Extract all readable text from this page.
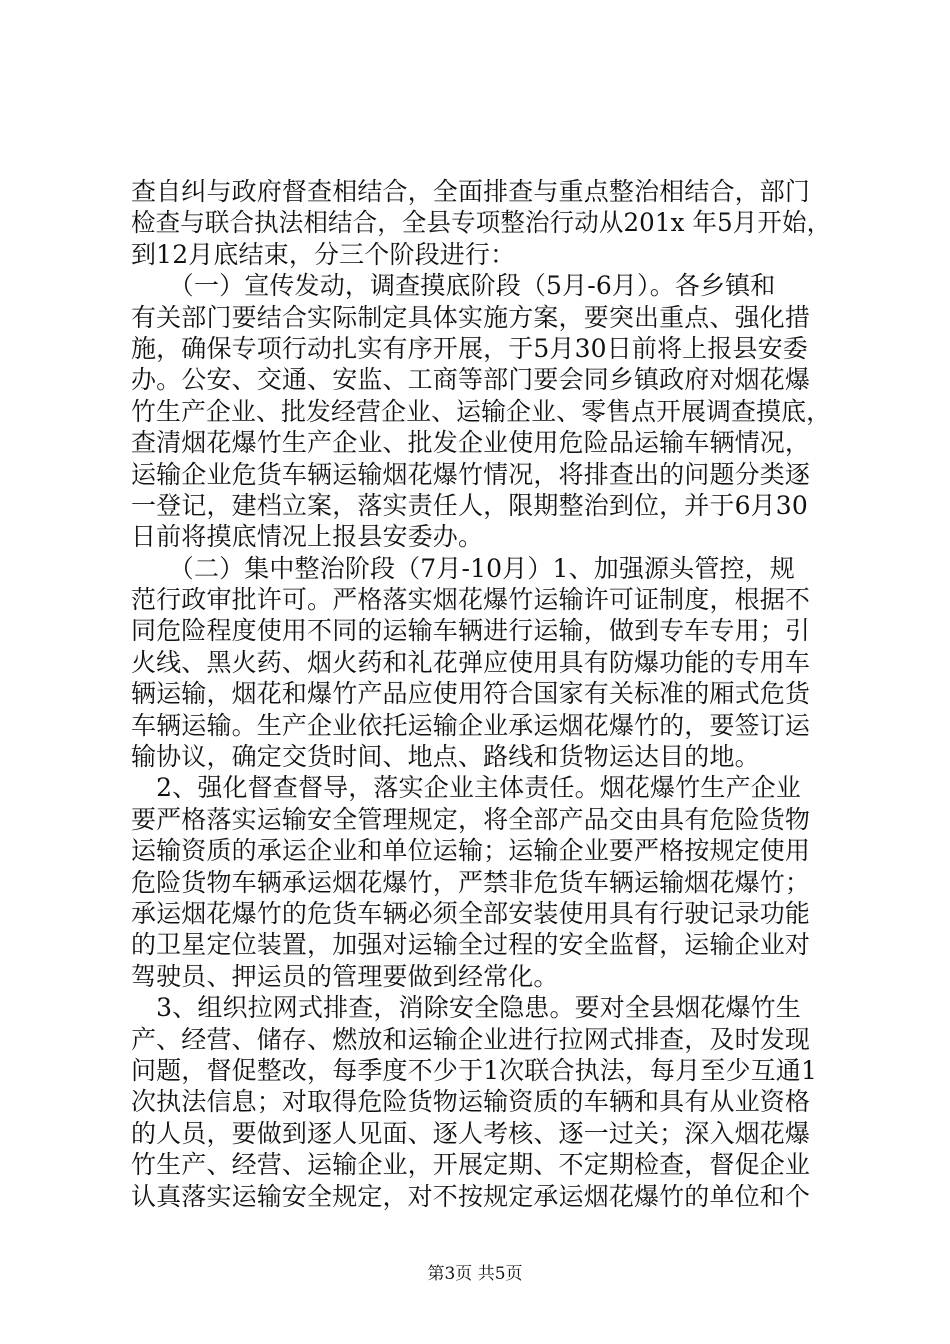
查自纠与政府督查相结合，全面排查与重点整治相结合，部门
检查与联合执法相结合，全县专项整治行动从201x 年5月开始，
到12月底结束，分三个阶段进行：
　　（一）宣传发动，调查摸底阶段（5月-6月）。各乡镇和
有关部门要结合实际制定具体实施方案，要突出重点、强化措
施，确保专项行动扎实有序开展，于5月30日前将上报县安委
办。公安、交通、安监、工商等部门要会同乡镇政府对烟花爆
竹生产企业、批发经营企业、运输企业、零售点开展调查摸底，
查清烟花爆竹生产企业、批发企业使用危险品运输车辆情况，
运输企业危货车辆运输烟花爆竹情况，将排查出的问题分类逐
一登记，建档立案，落实责任人，限期整治到位，并于6月30
日前将摸底情况上报县安委办。
　　（二）集中整治阶段（7月-10月）1、加强源头管控，规
范行政审批许可。严格落实烟花爆竹运输许可证制度，根据不
同危险程度使用不同的运输车辆进行运输，做到专车专用；引
火线、黑火药、烟火药和礼花弹应使用具有防爆功能的专用车
辆运输，烟花和爆竹产品应使用符合国家有关标准的厢式危货
车辆运输。生产企业依托运输企业承运烟花爆竹的，要签订运
输协议，确定交货时间、地点、路线和货物运达目的地。
　2、强化督查督导，落实企业主体责任。烟花爆竹生产企业
要严格落实运输安全管理规定，将全部产品交由具有危险货物
运输资质的承运企业和单位运输；运输企业要严格按规定使用
危险货物车辆承运烟花爆竹，严禁非危货车辆运输烟花爆竹；
承运烟花爆竹的危货车辆必须全部安装使用具有行驶记录功能
的卫星定位装置，加强对运输全过程的安全监督，运输企业对
驾驶员、押运员的管理要做到经常化。
　3、组织拉网式排查，消除安全隐患。要对全县烟花爆竹生
产、经营、储存、燃放和运输企业进行拉网式排查，及时发现
问题，督促整改，每季度不少于1次联合执法，每月至少互通1
次执法信息；对取得危险货物运输资质的车辆和具有从业资格
的人员，要做到逐人见面、逐人考核、逐一过关；深入烟花爆
竹生产、经营、运输企业，开展定期、不定期检查，督促企业
认真落实运输安全规定，对不按规定承运烟花爆竹的单位和个
第3页 共5页
